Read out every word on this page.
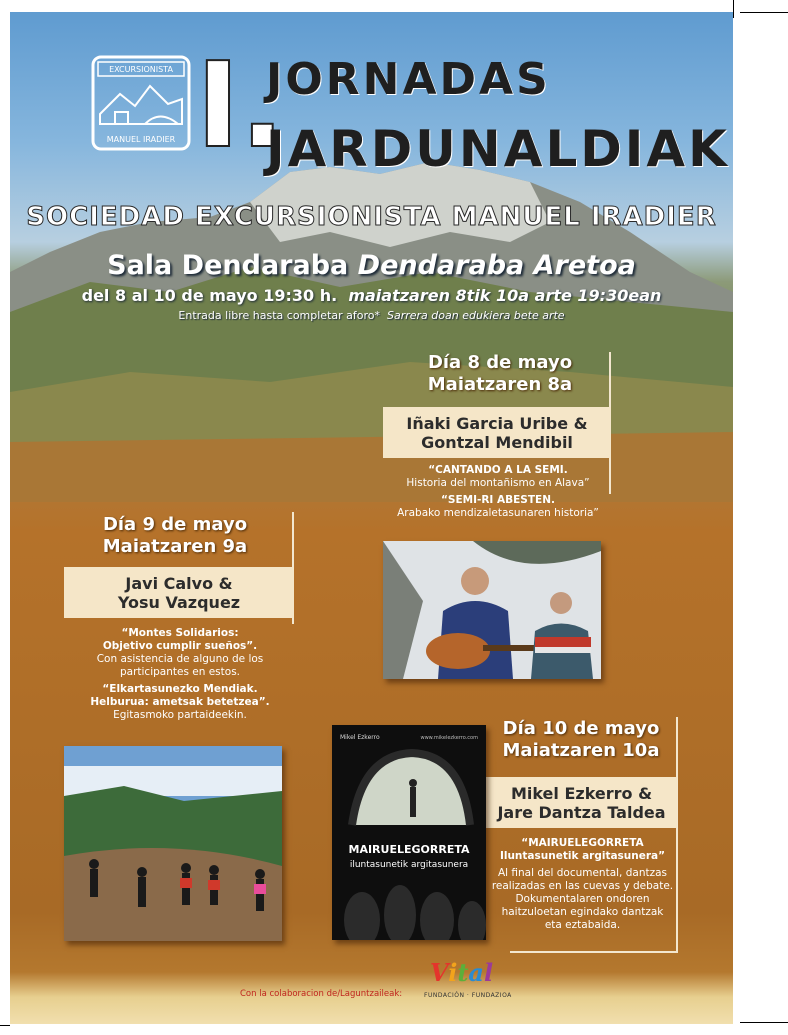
EXCURSIONISTA
MANUEL IRADIER I.
JORNADAS
JARDUNALDIAK
SOCIEDAD EXCURSIONISTA MANUEL IRADIER
Sala Dendaraba Dendaraba Aretoa
del 8 al 10 de mayo 19:30 h. maiatzaren 8tik 10a arte 19:30ean
Entrada libre hasta completar aforo* Sarrera doan edukiera bete arte
Día 8 de mayo
Maiatzaren 8a
Iñaki Garcia Uribe &
Gontzal Mendibil
“CANTANDO A LA SEMI.
Historia del montañismo en Alava”
“SEMI-RI ABESTEN.
Arabako mendizaletasunaren historia”
Día 9 de mayo
Maiatzaren 9a
Javi Calvo &
Yosu Vazquez
“Montes Solidarios:
Objetivo cumplir sueños”.
Con asistencia de alguno de los
participantes en estos.
“Elkartasunezko Mendiak.
Helburua: ametsak betetzea”.
Egitasmoko partaideekin.
Día 10 de mayo
Maiatzaren 10a
Mikel Ezkerro &
Jare Dantza Taldea
“MAIRUELEGORRETA
Iluntasunetik argitasunera”
Al final del documental, dantzas
realizadas en las cuevas y debate.
Dokumentalaren ondoren
haitzuloetan egindako dantzak
eta eztabaida.
Mikel Ezkerro	www.mikelezkerro.com
MAIRUELEGORRETA
iluntasunetik argitasunera
Con la colaboracion de/Laguntzaileak:
Vital
FUNDACIÓN · FUNDAZIOA
